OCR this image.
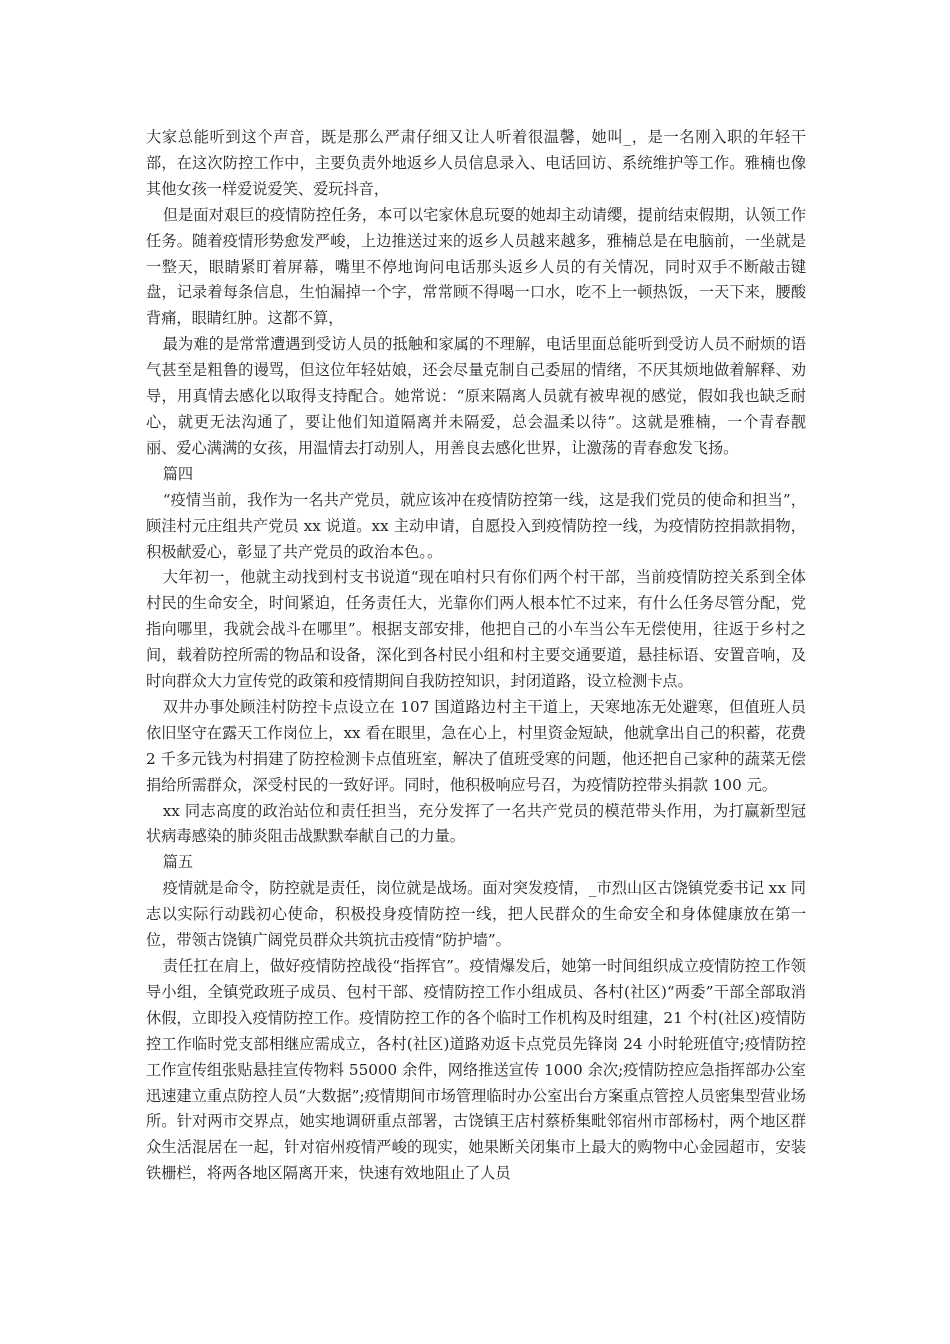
大家总能听到这个声音，既是那么严肃仔细又让人听着很温馨，她叫_，是一名刚入职的年轻干部，在这次防控工作中，主要负责外地返乡人员信息录入、电话回访、系统维护等工作。雅楠也像其他女孩一样爱说爱笑、爱玩抖音，

但是面对艰巨的疫情防控任务，本可以宅家休息玩耍的她却主动请缨，提前结束假期，认领工作任务。随着疫情形势愈发严峻，上边推送过来的返乡人员越来越多，雅楠总是在电脑前，一坐就是一整天，眼睛紧盯着屏幕，嘴里不停地询问电话那头返乡人员的有关情况，同时双手不断敲击键盘，记录着每条信息，生怕漏掉一个字，常常顾不得喝一口水，吃不上一顿热饭，一天下来，腰酸背痛，眼睛红肿。这都不算，

最为难的是常常遭遇到受访人员的抵触和家属的不理解，电话里面总能听到受访人员不耐烦的语气甚至是粗鲁的谩骂，但这位年轻姑娘，还会尽量克制自己委屈的情绪，不厌其烦地做着解释、劝导，用真情去感化以取得支持配合。她常说：“原来隔离人员就有被卑视的感觉，假如我也缺乏耐心，就更无法沟通了，要让他们知道隔离并未隔爱，总会温柔以待”。这就是雅楠，一个青春靓丽、爱心满满的女孩，用温情去打动别人，用善良去感化世界，让激荡的青春愈发飞扬。

篇四

“疫情当前，我作为一名共产党员，就应该冲在疫情防控第一线，这是我们党员的使命和担当”，顾洼村元庄组共产党员 xx 说道。xx 主动申请，自愿投入到疫情防控一线，为疫情防控捐款捐物，积极献爱心，彰显了共产党员的政治本色。。

大年初一，他就主动找到村支书说道“现在咱村只有你们两个村干部，当前疫情防控关系到全体村民的生命安全，时间紧迫，任务责任大，光靠你们两人根本忙不过来，有什么任务尽管分配，党指向哪里，我就会战斗在哪里”。根据支部安排，他把自己的小车当公车无偿使用，往返于乡村之间，载着防控所需的物品和设备，深化到各村民小组和村主要交通要道，悬挂标语、安置音响，及时向群众大力宣传党的政策和疫情期间自我防控知识，封闭道路，设立检测卡点。

双井办事处顾洼村防控卡点设立在 107 国道路边村主干道上，天寒地冻无处避寒，但值班人员依旧坚守在露天工作岗位上，xx 看在眼里，急在心上，村里资金短缺，他就拿出自己的积蓄，花费 2 千多元钱为村捐建了防控检测卡点值班室，解决了值班受寒的问题，他还把自己家种的蔬菜无偿捐给所需群众，深受村民的一致好评。同时，他积极响应号召，为疫情防控带头捐款 100 元。

xx 同志高度的政治站位和责任担当，充分发挥了一名共产党员的模范带头作用，为打赢新型冠状病毒感染的肺炎阻击战默默奉献自己的力量。

篇五

疫情就是命令，防控就是责任，岗位就是战场。面对突发疫情，_市烈山区古饶镇党委书记 xx 同志以实际行动践初心使命，积极投身疫情防控一线，把人民群众的生命安全和身体健康放在第一位，带领古饶镇广阔党员群众共筑抗击疫情“防护墙”。

责任扛在肩上，做好疫情防控战役“指挥官”。疫情爆发后，她第一时间组织成立疫情防控工作领导小组，全镇党政班子成员、包村干部、疫情防控工作小组成员、各村(社区)“两委”干部全部取消休假，立即投入疫情防控工作。疫情防控工作的各个临时工作机构及时组建，21 个村(社区)疫情防控工作临时党支部相继应需成立，各村(社区)道路劝返卡点党员先锋岗 24 小时轮班值守;疫情防控工作宣传组张贴悬挂宣传物料 55000 余件，网络推送宣传 1000 余次;疫情防控应急指挥部办公室迅速建立重点防控人员“大数据”;疫情期间市场管理临时办公室出台方案重点管控人员密集型营业场所。针对两市交界点，她实地调研重点部署，古饶镇王店村蔡桥集毗邻宿州市部杨村，两个地区群众生活混居在一起，针对宿州疫情严峻的现实，她果断关闭集市上最大的购物中心金园超市，安装铁栅栏，将两各地区隔离开来，快速有效地阻止了人员
